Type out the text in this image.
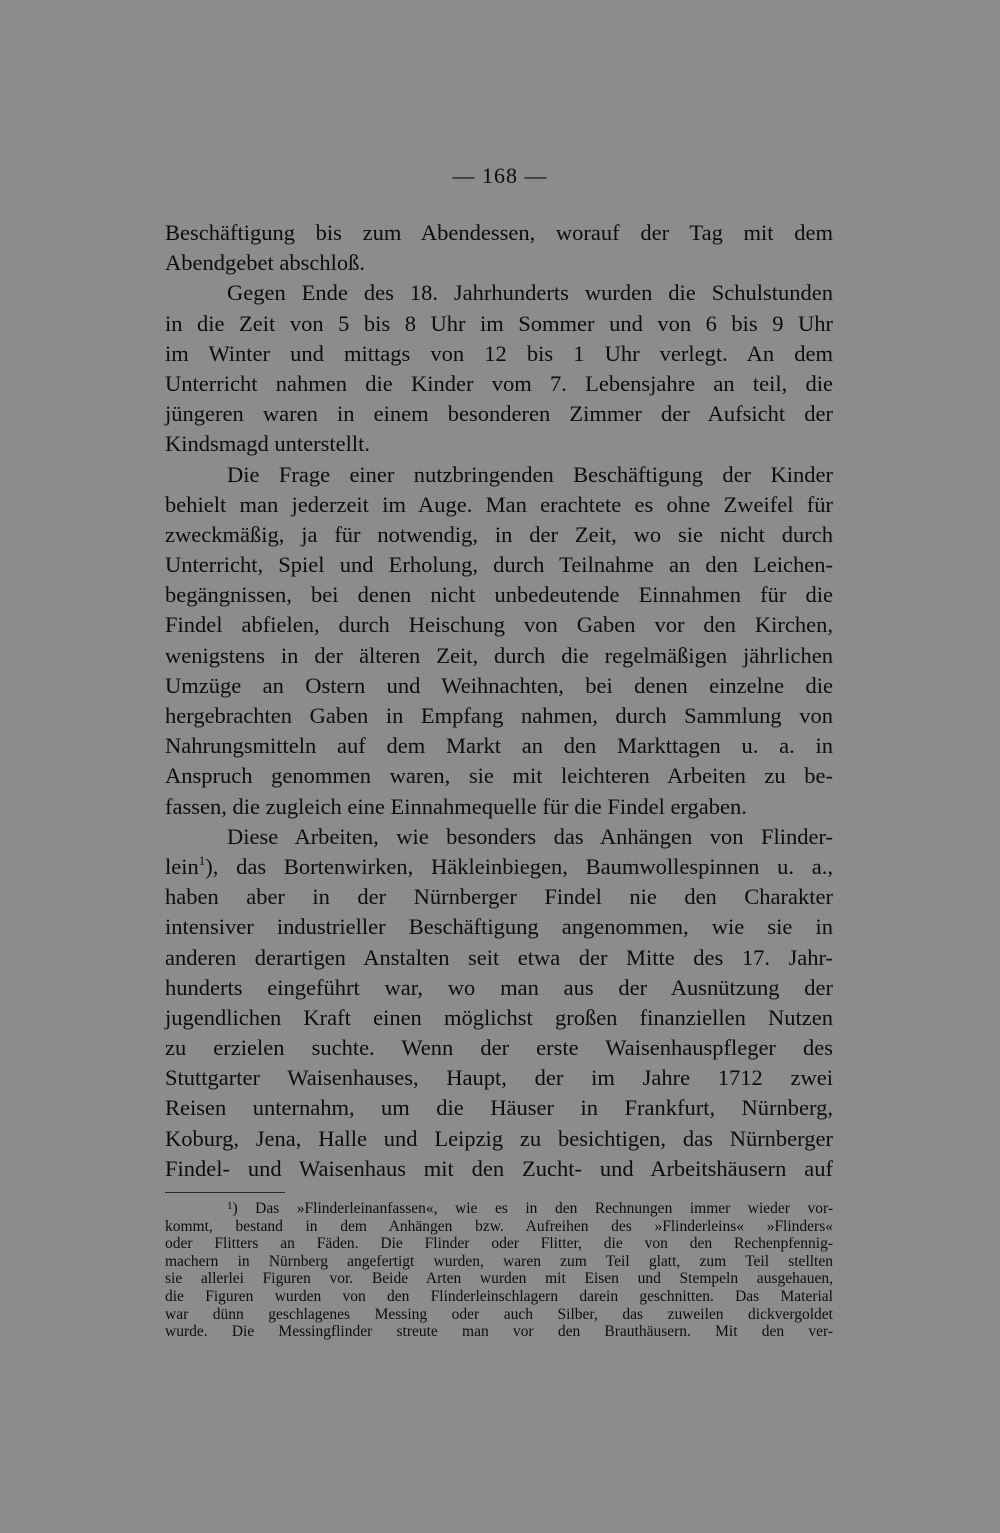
— 168 —
Beschäftigung bis zum Abendessen, worauf der Tag mit dem
Abendgebet abschloß.
Gegen Ende des 18. Jahrhunderts wurden die Schulstunden
in die Zeit von 5 bis 8 Uhr im Sommer und von 6 bis 9 Uhr
im Winter und mittags von 12 bis 1 Uhr verlegt. An dem
Unterricht nahmen die Kinder vom 7. Lebensjahre an teil, die
jüngeren waren in einem besonderen Zimmer der Aufsicht der
Kindsmagd unterstellt.
Die Frage einer nutzbringenden Beschäftigung der Kinder
behielt man jederzeit im Auge. Man erachtete es ohne Zweifel für
zweckmäßig, ja für notwendig, in der Zeit, wo sie nicht durch
Unterricht, Spiel und Erholung, durch Teilnahme an den Leichen-
begängnissen, bei denen nicht unbedeutende Einnahmen für die
Findel abfielen, durch Heischung von Gaben vor den Kirchen,
wenigstens in der älteren Zeit, durch die regelmäßigen jährlichen
Umzüge an Ostern und Weihnachten, bei denen einzelne die
hergebrachten Gaben in Empfang nahmen, durch Sammlung von
Nahrungsmitteln auf dem Markt an den Markttagen u. a. in
Anspruch genommen waren, sie mit leichteren Arbeiten zu be-
fassen, die zugleich eine Einnahmequelle für die Findel ergaben.
Diese Arbeiten, wie besonders das Anhängen von Flinder-
lein$^1$), das Bortenwirken, Häkleinbiegen, Baumwollespinnen u. a.,
haben aber in der Nürnberger Findel nie den Charakter
intensiver industrieller Beschäftigung angenommen, wie sie in
anderen derartigen Anstalten seit etwa der Mitte des 17. Jahr-
hunderts eingeführt war, wo man aus der Ausnützung der
jugendlichen Kraft einen möglichst großen finanziellen Nutzen
zu erzielen suchte. Wenn der erste Waisenhauspfleger des
Stuttgarter Waisenhauses, Haupt, der im Jahre 1712 zwei
Reisen unternahm, um die Häuser in Frankfurt, Nürnberg,
Koburg, Jena, Halle und Leipzig zu besichtigen, das Nürnberger
Findel- und Waisenhaus mit den Zucht- und Arbeitshäusern auf
$^1$) Das »Flinderleinanfassen«, wie es in den Rechnungen immer wieder vor-
kommt, bestand in dem Anhängen bzw. Aufreihen des »Flinderleins« »Flinders«
oder Flitters an Fäden. Die Flinder oder Flitter, die von den Rechenpfennig-
machern in Nürnberg angefertigt wurden, waren zum Teil glatt, zum Teil stellten
sie allerlei Figuren vor. Beide Arten wurden mit Eisen und Stempeln ausgehauen,
die Figuren wurden von den Flinderleinschlagern darein geschnitten. Das Material
war dünn geschlagenes Messing oder auch Silber, das zuweilen dickvergoldet
wurde. Die Messingflinder streute man vor den Brauthäusern. Mit den ver-
